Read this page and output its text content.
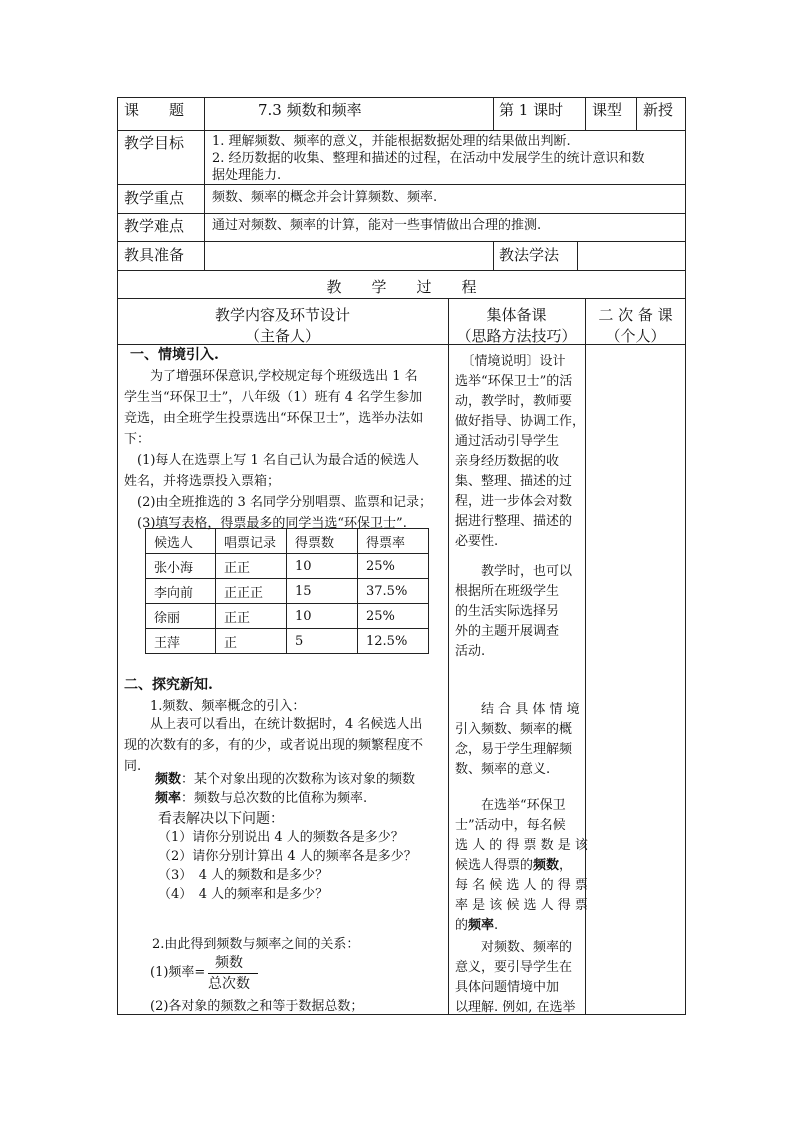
课　　题	7.3 频数和频率	第 1 课时 课型 新授
教学目标 1. 理解频数、频率的意义，并能根据数据处理的结果做出判断.
2. 经历数据的收集、整理和描述的过程，在活动中发展学生的统计意识和数
据处理能力.
教学重点 频数、频率的概念并会计算频数、频率.
教学难点 通过对频数、频率的计算，能对一些事情做出合理的推测.
教具准备	教法学法
教　　学　　过　　程
教学内容及环节设计
（主备人）
集体备课
（思路方法技巧）
二 次 备 课
（个人）
一、情境引入.
　　为了增强环保意识,学校规定每个班级选出 1 名
学生当“环保卫士”，八年级（1）班有 4 名学生参加
竞选，由全班学生投票选出“环保卫士”，选举办法如
下：
　(1)每人在选票上写 1 名自己认为最合适的候选人
姓名，并将选票投入票箱；
　(2)由全班推选的 3 名同学分别唱票、监票和记录；
　(3)填写表格，得票最多的同学当选“环保卫士”.
候选人	唱票记录	得票数	得票率
张小海	正正	10	25%
李向前	正正正	15	37.5%
徐丽	正正	10	25%
王萍	正	5	12.5%
二、探究新知.
　　1.频数、频率概念的引入：
　　从上表可以看出，在统计数据时，4 名候选人出
现的次数有的多，有的少，或者说出现的频繁程度不
同.
频数：某个对象出现的次数称为该对象的频数
频率：频数与总次数的比值称为频率.
看表解决以下问题：
（1）请你分别说出 4 人的频数各是多少？
（2）请你分别计算出 4 人的频率各是多少？
（3）　4 人的频数和是多少？
（4）　4 人的频率和是多少？
2.由此得到频数与频率之间的关系：
(1)频率=
频数
总次数
(2)各对象的频数之和等于数据总数；
　〔情境说明〕设计
选举“环保卫士”的活
动，教学时，教师要
做好指导、协调工作，
通过活动引导学生
亲身经历数据的收
集、整理、描述的过
程，进一步体会对数
据进行整理、描述的
必要性.
　　教学时，也可以
根据所在班级学生
的生活实际选择另
外的主题开展调查
活动.
　　结 合 具 体 情 境
引入频数、频率的概
念，易于学生理解频
数、频率的意义.
　　在选举“环保卫
士”活动中，每名候
选 人 的 得 票 数 是 该
候选人得票的频数，
每 名 候 选 人 的 得 票
率 是 该 候 选 人 得 票
的频率.
　　对频数、频率的
意义，要引导学生在
具体问题情境中加
以理解. 例如, 在选举
